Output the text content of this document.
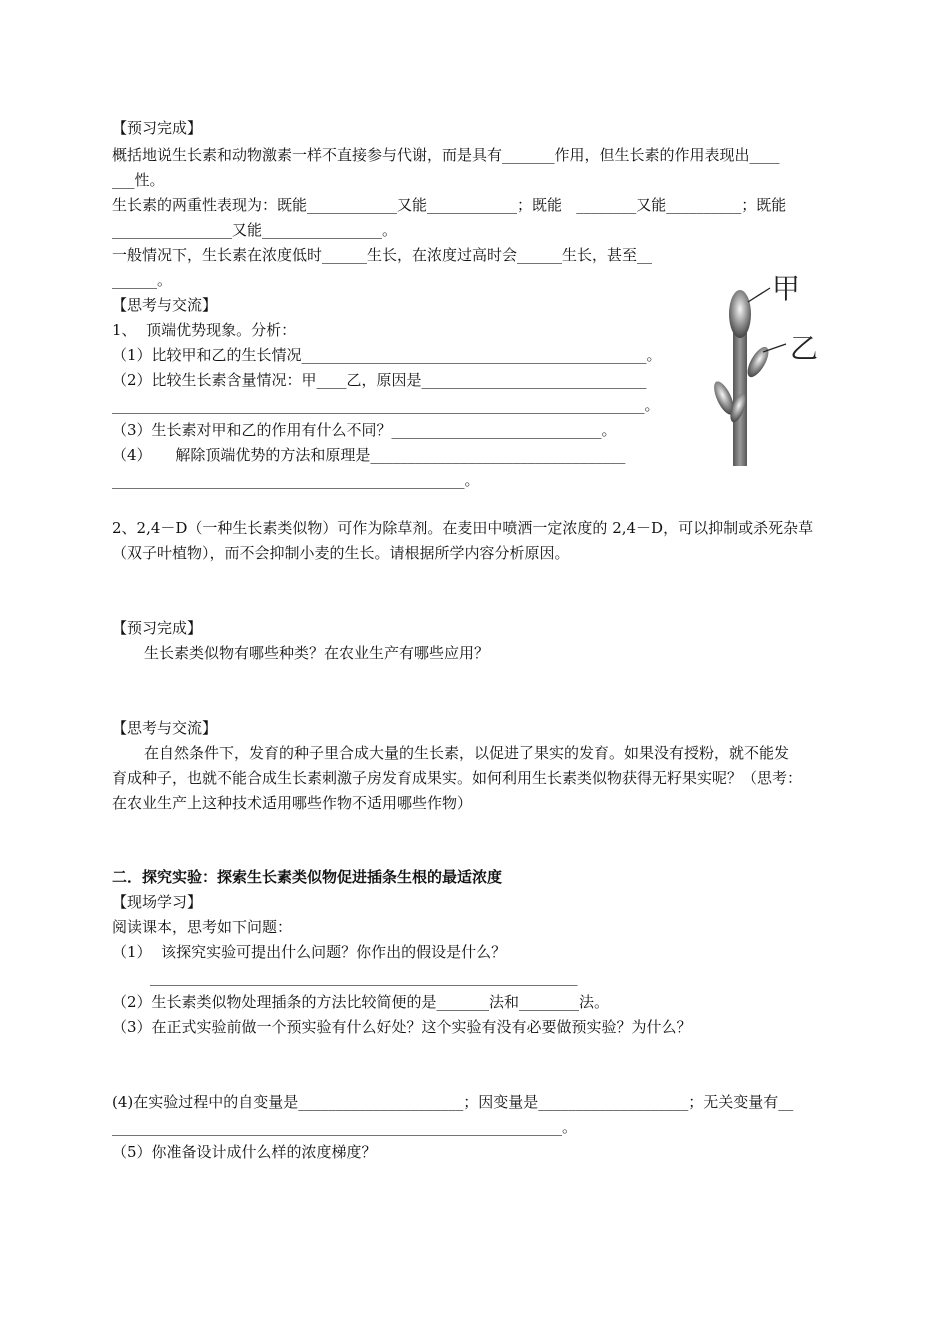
【预习完成】
概括地说生长素和动物激素一样不直接参与代谢，而是具有_______作用，但生长素的作用表现出____
___性。
生长素的两重性表现为：既能____________又能____________；既能   ________又能__________；既能
________________又能________________。
一般情况下，生长素在浓度低时______生长，在浓度过高时会______生长，甚至__
______。
【思考与交流】
1、  顶端优势现象。分析：
（1）比较甲和乙的生长情况______________________________________________。
（2）比较生长素含量情况：甲____乙，原因是______________________________
_______________________________________________________________________。
（3）生长素对甲和乙的作用有什么不同？____________________________。
（4）     解除顶端优势的方法和原理是__________________________________
_______________________________________________。
甲
乙
2、2,4－D（一种生长素类似物）可作为除草剂。在麦田中喷洒一定浓度的 2,4－D，可以抑制或杀死杂草
（双子叶植物），而不会抑制小麦的生长。请根据所学内容分析原因。
【预习完成】
生长素类似物有哪些种类？在农业生产有哪些应用？
【思考与交流】
在自然条件下，发育的种子里合成大量的生长素，以促进了果实的发育。如果没有授粉，就不能发
育成种子，也就不能合成生长素刺激子房发育成果实。如何利用生长素类似物获得无籽果实呢？（思考：
在农业生产上这种技术适用哪些作物不适用哪些作物）
二．探究实验：探索生长素类似物促进插条生根的最适浓度
【现场学习】
阅读课本，思考如下问题：
（1）  该探究实验可提出什么问题？你作出的假设是什么？
_________________________________________________________
（2）生长素类似物处理插条的方法比较简便的是_______法和________法。
（3）在正式实验前做一个预实验有什么好处？这个实验有没有必要做预实验？为什么？
(4)在实验过程中的自变量是______________________；因变量是____________________；无关变量有__
____________________________________________________________。
（5）你准备设计成什么样的浓度梯度？
